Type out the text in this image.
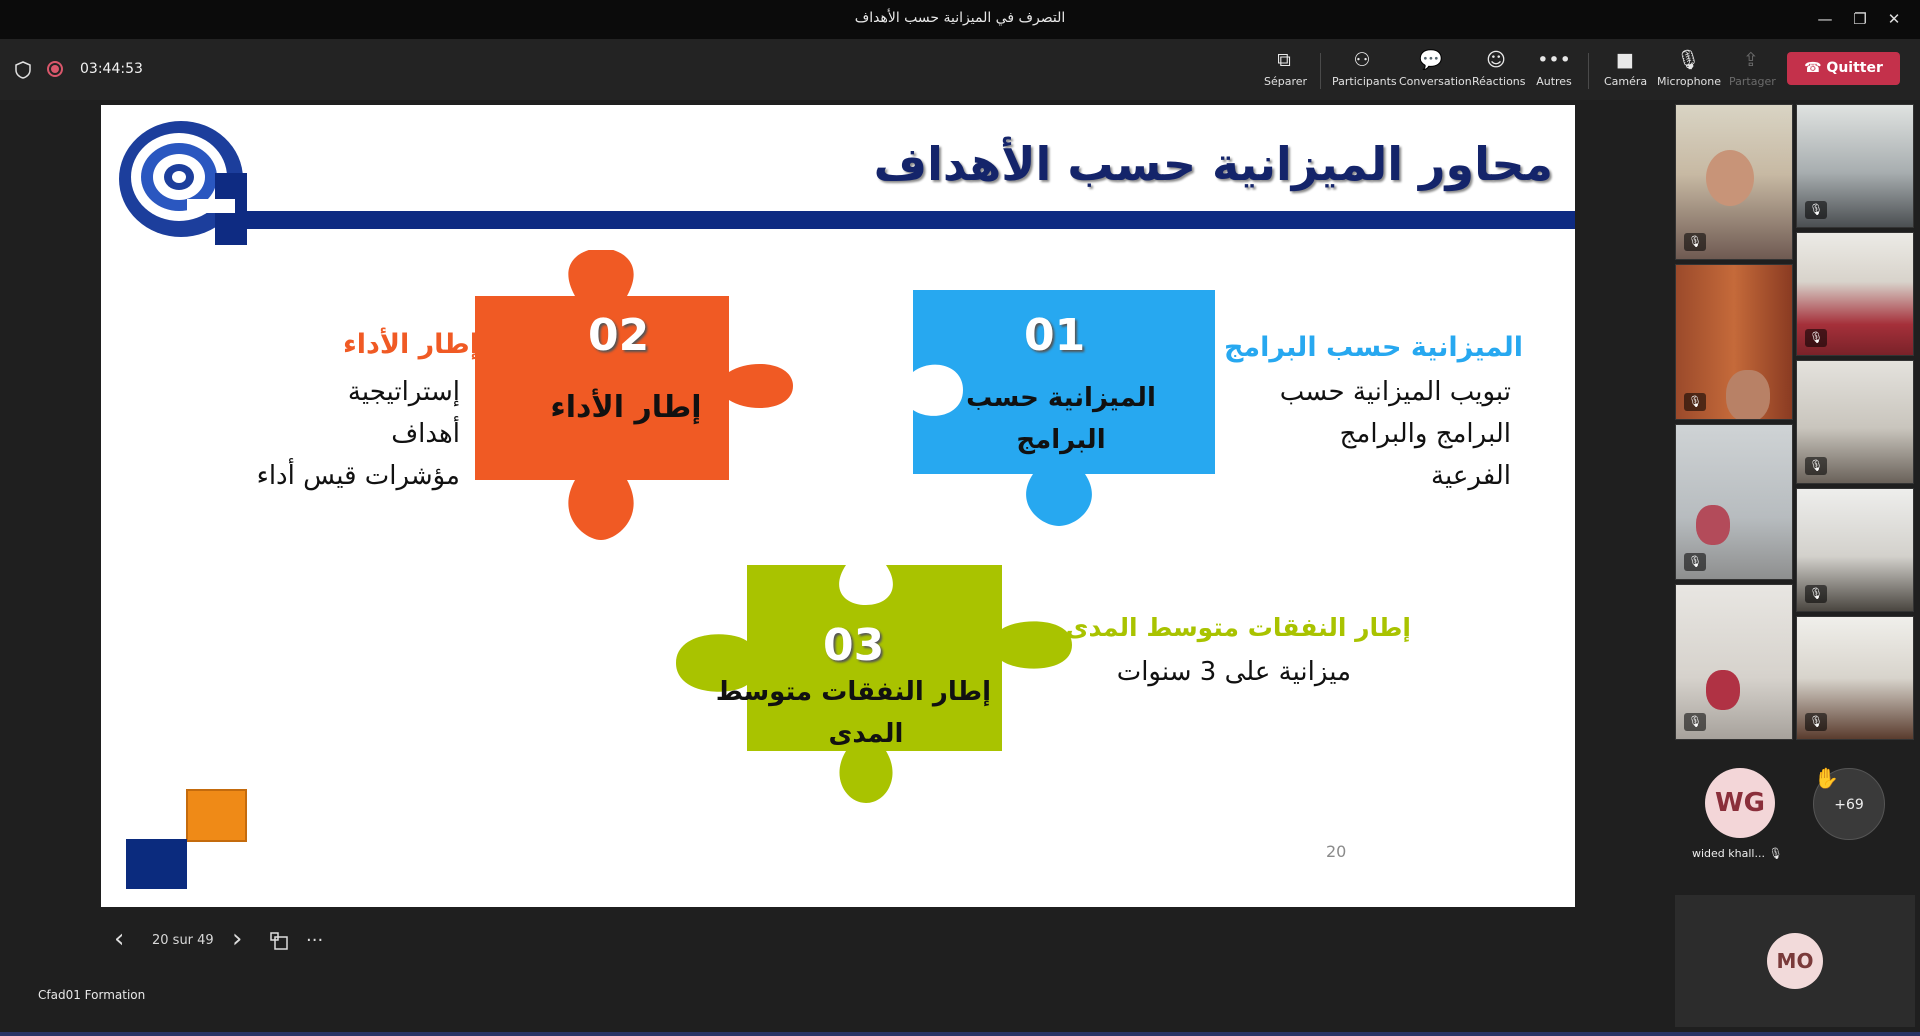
التصرف في الميزانية حسب الأهداف	—	❐	✕
03:44:53	⧉
Séparer
⚇
Participants
💬
Conversation
☺
Réactions
•••
Autres
■
Caméra
🎙
Microphone
⇪
Partager
☎ Quitter
محاور الميزانية حسب الأهداف
02
إطار الأداء
01
الميزانية حسب
البرامج
03
إطار النفقات متوسط
المدى
الميزانية حسب البرامج
تبويب الميزانية حسب
البرامج والبرامج
الفرعية
إطار الأداء
إستراتيجية
أهداف
مؤشرات قيس أداء
إطار النفقات متوسط المدى
ميزانية على 3 سنوات
20
‹ 20 sur 49 ›	···
Cfad01 Formation
🎙
🎙
🎙
🎙
🎙
🎙
🎙
🎙
🎙
WG
wided khall... 🎙
+69
✋
MO
